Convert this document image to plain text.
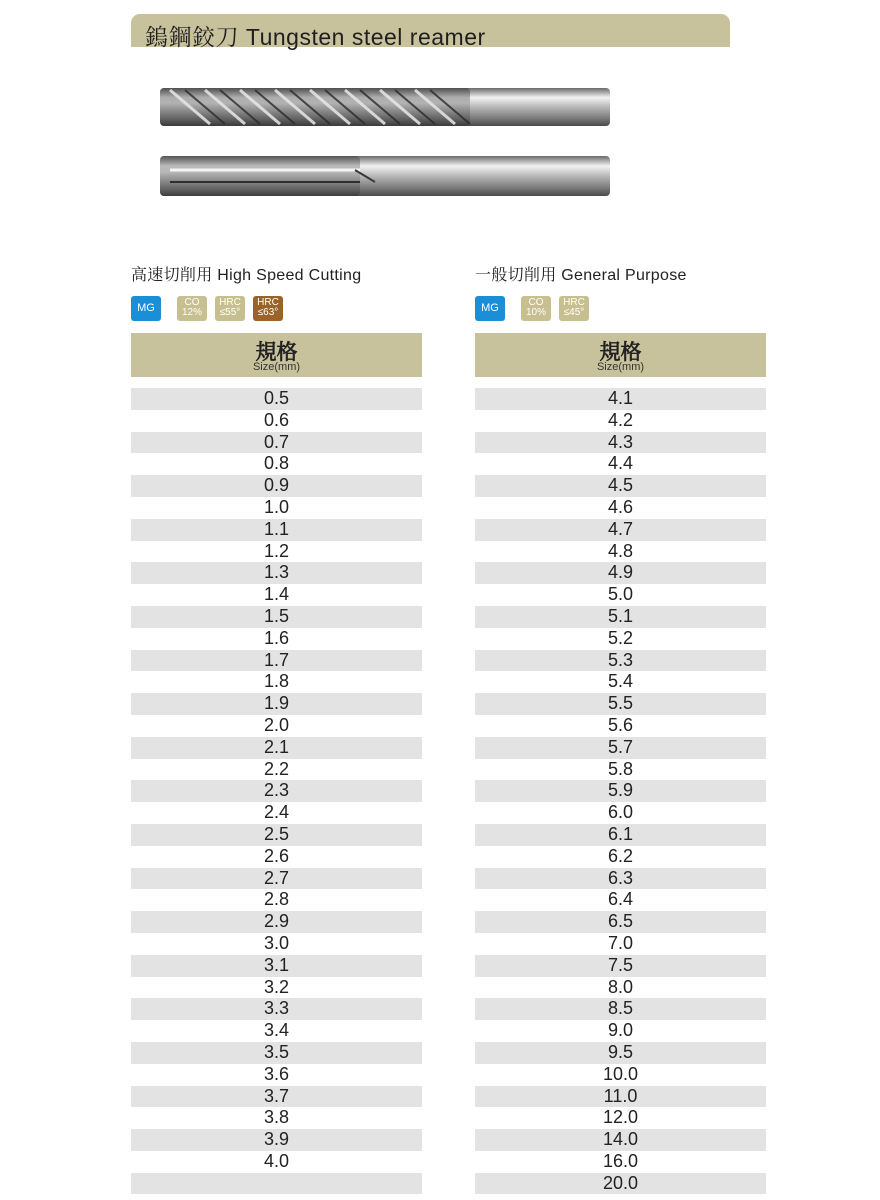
鎢鋼鉸刀 Tungsten steel reamer
高速切削用 High Speed Cutting	一般切削用 General Purpose
MG	CO
12%
HRC
≤55°
HRC
≤63°	MG	CO
10%
HRC
≤45°
規格
Size(mm)
0.5
0.6
0.7
0.8
0.9
1.0
1.1
1.2
1.3
1.4
1.5
1.6
1.7
1.8
1.9
2.0
2.1
2.2
2.3
2.4
2.5
2.6
2.7
2.8
2.9
3.0
3.1
3.2
3.3
3.4
3.5
3.6
3.7
3.8
3.9
4.0
規格
Size(mm)
4.1
4.2
4.3
4.4
4.5
4.6
4.7
4.8
4.9
5.0
5.1
5.2
5.3
5.4
5.5
5.6
5.7
5.8
5.9
6.0
6.1
6.2
6.3
6.4
6.5
7.0
7.5
8.0
8.5
9.0
9.5
10.0
11.0
12.0
14.0
16.0
20.0
